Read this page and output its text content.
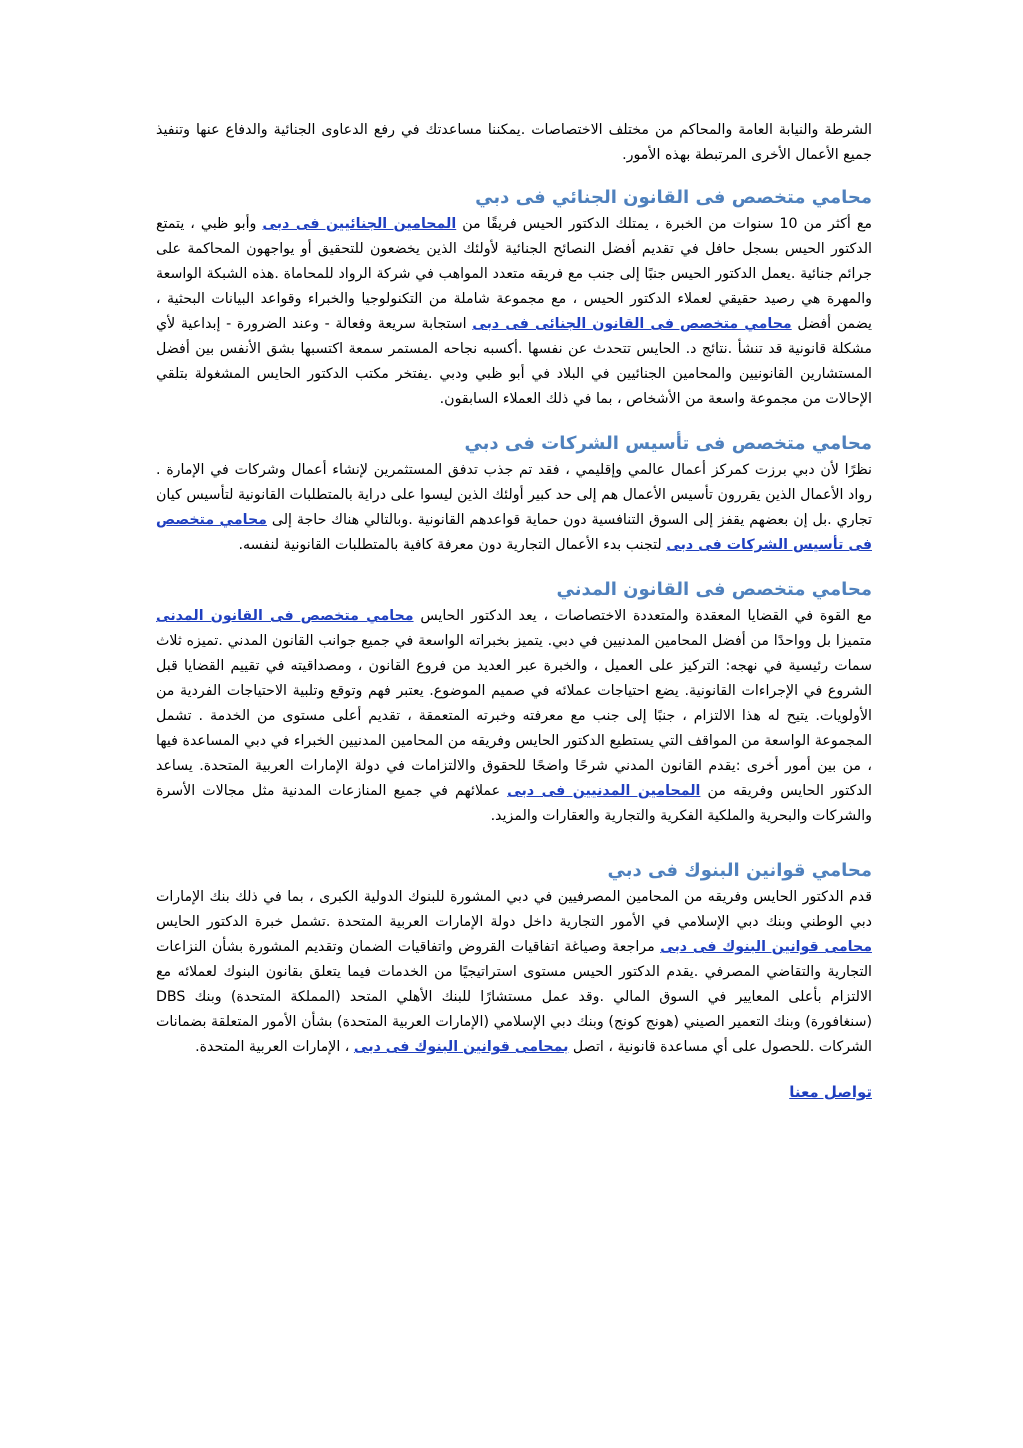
الشرطة والنيابة العامة والمحاكم من مختلف الاختصاصات .يمكننا مساعدتك في رفع الدعاوى الجنائية والدفاع عنها وتنفيذ جميع الأعمال الأخرى المرتبطة بهذه الأمور.

محامي متخصص فى القانون الجنائي فى دبي

مع أكثر من 10 سنوات من الخبرة ، يمتلك الدكتور الحيس فريقًا من المحامين الجنائيين فى دبى وأبو ظبي ، يتمتع الدكتور الحيس بسجل حافل في تقديم أفضل النصائح الجنائية لأولئك الذين يخضعون للتحقيق أو يواجهون المحاكمة على جرائم جنائية .يعمل الدكتور الحيس جنبًا إلى جنب مع فريقه متعدد المواهب في شركة الرواد للمحاماة .هذه الشبكة الواسعة والمهرة هي رصيد حقيقي لعملاء الدكتور الحيس ، مع مجموعة شاملة من التكنولوجيا والخبراء وقواعد البيانات البحثية ، يضمن أفضل محامي متخصص فى القانون الجنائى فى دبى استجابة سريعة وفعالة - وعند الضرورة - إبداعية لأي مشكلة قانونية قد تنشأ .نتائج د. الحايس تتحدث عن نفسها .أكسبه نجاحه المستمر سمعة اكتسبها بشق الأنفس بين أفضل المستشارين القانونيين والمحامين الجنائيين في البلاد في أبو ظبي ودبي .يفتخر مكتب الدكتور الحايس المشغولة بتلقي الإحالات من مجموعة واسعة من الأشخاص ، بما في ذلك العملاء السابقون.

محامي متخصص فى تأسيس الشركات فى دبي

نظرًا لأن دبي برزت كمركز أعمال عالمي وإقليمي ، فقد تم جذب تدفق المستثمرين لإنشاء أعمال وشركات في الإمارة . رواد الأعمال الذين يقررون تأسيس الأعمال هم إلى حد كبير أولئك الذين ليسوا على دراية بالمتطلبات القانونية لتأسيس كيان تجاري .بل إن بعضهم يقفز إلى السوق التنافسية دون حماية قواعدهم القانونية .وبالتالي هناك حاجة إلى محامي متخصص فى تأسيس الشركات فى دبى لتجنب بدء الأعمال التجارية دون معرفة كافية بالمتطلبات القانونية لنفسه.

محامي متخصص فى القانون المدني

مع القوة في القضايا المعقدة والمتعددة الاختصاصات ، يعد الدكتور الحايس محامي متخصص فى القانون المدنى متميزا بل وواحدًا من أفضل المحامين المدنيين في دبي. يتميز بخبراته الواسعة في جميع جوانب القانون المدني .تميزه ثلاث سمات رئيسية في نهجه: التركيز على العميل ، والخبرة عبر العديد من فروع القانون ، ومصداقيته في تقييم القضايا قبل الشروع في الإجراءات القانونية. يضع احتياجات عملائه في صميم الموضوع. يعتبر فهم وتوقع وتلبية الاحتياجات الفردية من الأولويات. يتيح له هذا الالتزام ، جنبًا إلى جنب مع معرفته وخبرته المتعمقة ، تقديم أعلى مستوى من الخدمة . تشمل المجموعة الواسعة من المواقف التي يستطيع الدكتور الحايس وفريقه من المحامين المدنيين الخبراء في دبي المساعدة فيها ، من بين أمور أخرى :يقدم القانون المدني شرحًا واضحًا للحقوق والالتزامات في دولة الإمارات العربية المتحدة. يساعد الدكتور الحايس وفريقه من المحامين المدنيين فى دبى عملائهم في جميع المنازعات المدنية مثل مجالات الأسرة والشركات والبحرية والملكية الفكرية والتجارية والعقارات والمزيد.

محامي قوانين البنوك فى دبي

قدم الدكتور الحايس وفريقه من المحامين المصرفيين في دبي المشورة للبنوك الدولية الكبرى ، بما في ذلك بنك الإمارات دبي الوطني وبنك دبي الإسلامي في الأمور التجارية داخل دولة الإمارات العربية المتحدة .تشمل خبرة الدكتور الحايس محامى قوانين البنوك فى دبى مراجعة وصياغة اتفاقيات القروض واتفاقيات الضمان وتقديم المشورة بشأن النزاعات التجارية والتقاضي المصرفي .يقدم الدكتور الحيس مستوى استراتيجيًا من الخدمات فيما يتعلق بقانون البنوك لعملائه مع الالتزام بأعلى المعايير في السوق المالي .وقد عمل مستشارًا للبنك الأهلي المتحد (المملكة المتحدة) وبنك DBS (سنغافورة) وبنك التعمير الصيني (هونج كونج) وبنك دبي الإسلامي (الإمارات العربية المتحدة) بشأن الأمور المتعلقة بضمانات الشركات .للحصول على أي مساعدة قانونية ، اتصل بمحامى قوانين البنوك فى دبى ، الإمارات العربية المتحدة.

تواصل معنا
